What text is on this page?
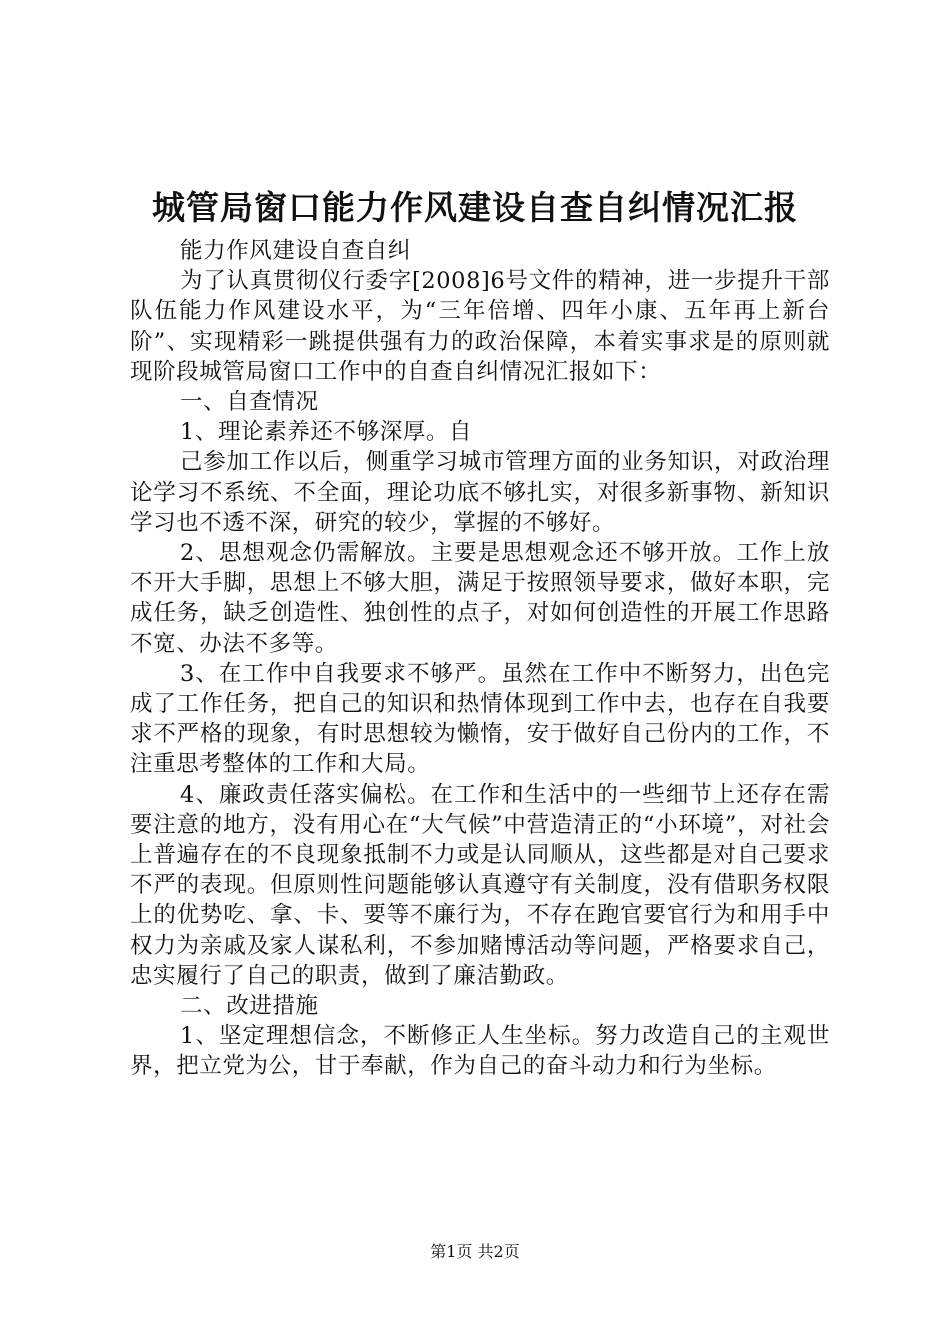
城管局窗口能力作风建设自查自纠情况汇报

能力作风建设自查自纠

为了认真贯彻仪行委字[2008]6号文件的精神，进一步提升干部队伍能力作风建设水平，为“三年倍增、四年小康、五年再上新台阶”、实现精彩一跳提供强有力的政治保障，本着实事求是的原则就现阶段城管局窗口工作中的自查自纠情况汇报如下：

一、自查情况

1、理论素养还不够深厚。自

己参加工作以后，侧重学习城市管理方面的业务知识，对政治理论学习不系统、不全面，理论功底不够扎实，对很多新事物、新知识学习也不透不深，研究的较少，掌握的不够好。

2、思想观念仍需解放。主要是思想观念还不够开放。工作上放不开大手脚，思想上不够大胆，满足于按照领导要求，做好本职，完成任务，缺乏创造性、独创性的点子，对如何创造性的开展工作思路不宽、办法不多等。

3、在工作中自我要求不够严。虽然在工作中不断努力，出色完成了工作任务，把自己的知识和热情体现到工作中去，也存在自我要求不严格的现象，有时思想较为懒惰，安于做好自己份内的工作，不注重思考整体的工作和大局。

4、廉政责任落实偏松。在工作和生活中的一些细节上还存在需要注意的地方，没有用心在“大气候”中营造清正的“小环境”，对社会上普遍存在的不良现象抵制不力或是认同顺从，这些都是对自己要求不严的表现。但原则性问题能够认真遵守有关制度，没有借职务权限上的优势吃、拿、卡、要等不廉行为，不存在跑官要官行为和用手中权力为亲戚及家人谋私利，不参加赌博活动等问题，严格要求自己，忠实履行了自己的职责，做到了廉洁勤政。

二、改进措施

1、坚定理想信念，不断修正人生坐标。努力改造自己的主观世界，把立党为公，甘于奉献，作为自己的奋斗动力和行为坐标。

第1页 共2页
